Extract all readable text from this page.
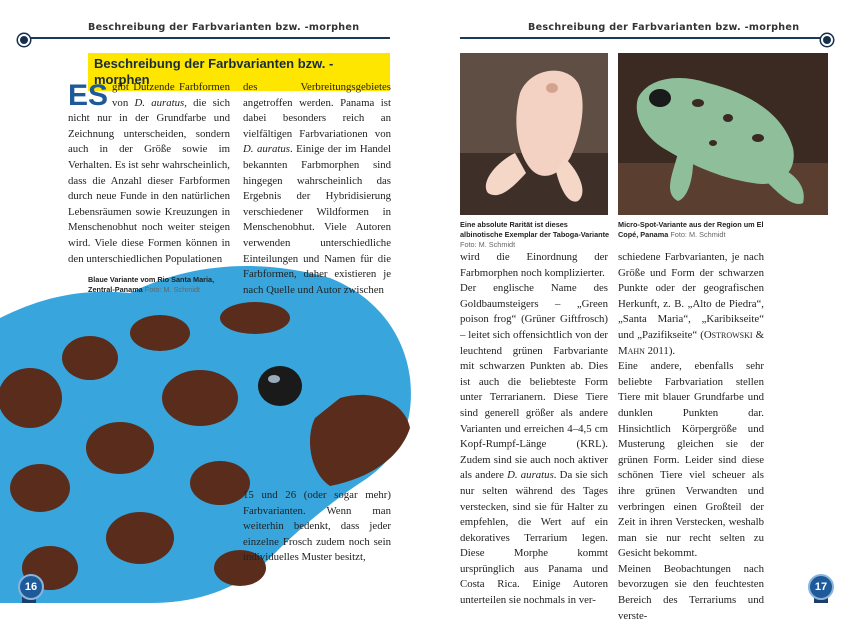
Beschreibung der Farbvarianten bzw. -morphen	Beschreibung der Farbvarianten bzw. -morphen
Beschreibung der Farbvarianten bzw. -morphen

ES gibt Dutzende Farbformen von D. auratus, die sich nicht nur in der Grundfarbe und Zeichnung unterscheiden, sondern auch in der Größe sowie im Verhalten. Es ist sehr wahrscheinlich, dass die Anzahl dieser Farbformen durch neue Funde in den natürlichen Lebensräumen sowie Kreuzungen in Menschenobhut noch weiter steigen wird. Viele diese Formen können in den unterschiedlichen Populationen

Blaue Variante vom Rio Santa Maria, Zentral-Panama Foto: M. Schmidt

des Verbreitungsgebietes angetroffen werden. Panama ist dabei besonders reich an vielfältigen Farbvariationen von D. auratus. Einige der im Handel bekannten Farbmorphen sind hingegen wahrscheinlich das Ergebnis der Hybridisierung verschiedener Wildformen in Menschenobhut. Viele Autoren verwenden unterschiedliche Einteilungen und Namen für die Farbformen, daher existieren je nach Quelle und Autor zwischen

15 und 26 (oder sogar mehr) Farbvarianten. Wenn man weiterhin bedenkt, dass jeder einzelne Frosch zudem noch sein individuelles Muster besitzt,

16
Eine absolute Rarität ist dieses albinotische Exemplar der Taboga-Variante Foto: M. Schmidt
Micro-Spot-Variante aus der Region um El Copé, Panama Foto: M. Schmidt

wird die Einordnung der Farbmorphen noch komplizierter.

Der englische Name des Goldbaumsteigers – „Green poison frog“ (Grüner Giftfrosch) – leitet sich offensichtlich von der leuchtend grünen Farbvariante mit schwarzen Punkten ab. Dies ist auch die beliebteste Form unter Terrarianern. Diese Tiere sind generell größer als andere Varianten und erreichen 4–4,5 cm Kopf-Rumpf-Länge (KRL). Zudem sind sie auch noch aktiver als andere D. auratus. Da sie sich nur selten während des Tages verstecken, sind sie für Halter zu empfehlen, die Wert auf ein dekoratives Terrarium legen. Diese Morphe kommt ursprünglich aus Panama und Costa Rica. Einige Autoren unterteilen sie nochmals in ver-

schiedene Farbvarianten, je nach Größe und Form der schwarzen Punkte oder der geografischen Herkunft, z. B. „Alto de Piedra“, „Santa Maria“, „Karibikseite“ und „Pazifikseite“ (Ostrowski & Mahn 2011).

Eine andere, ebenfalls sehr beliebte Farbvariation stellen Tiere mit blauer Grundfarbe und dunklen Punkten dar. Hinsichtlich Körpergröße und Musterung gleichen sie der grünen Form. Leider sind diese schönen Tiere viel scheuer als ihre grünen Verwandten und verbringen einen Großteil der Zeit in ihren Verstecken, weshalb man sie nur recht selten zu Gesicht bekommt.

Meinen Beobachtungen nach bevorzugen sie den feuchtesten Bereich des Terrariums und verste-

17
